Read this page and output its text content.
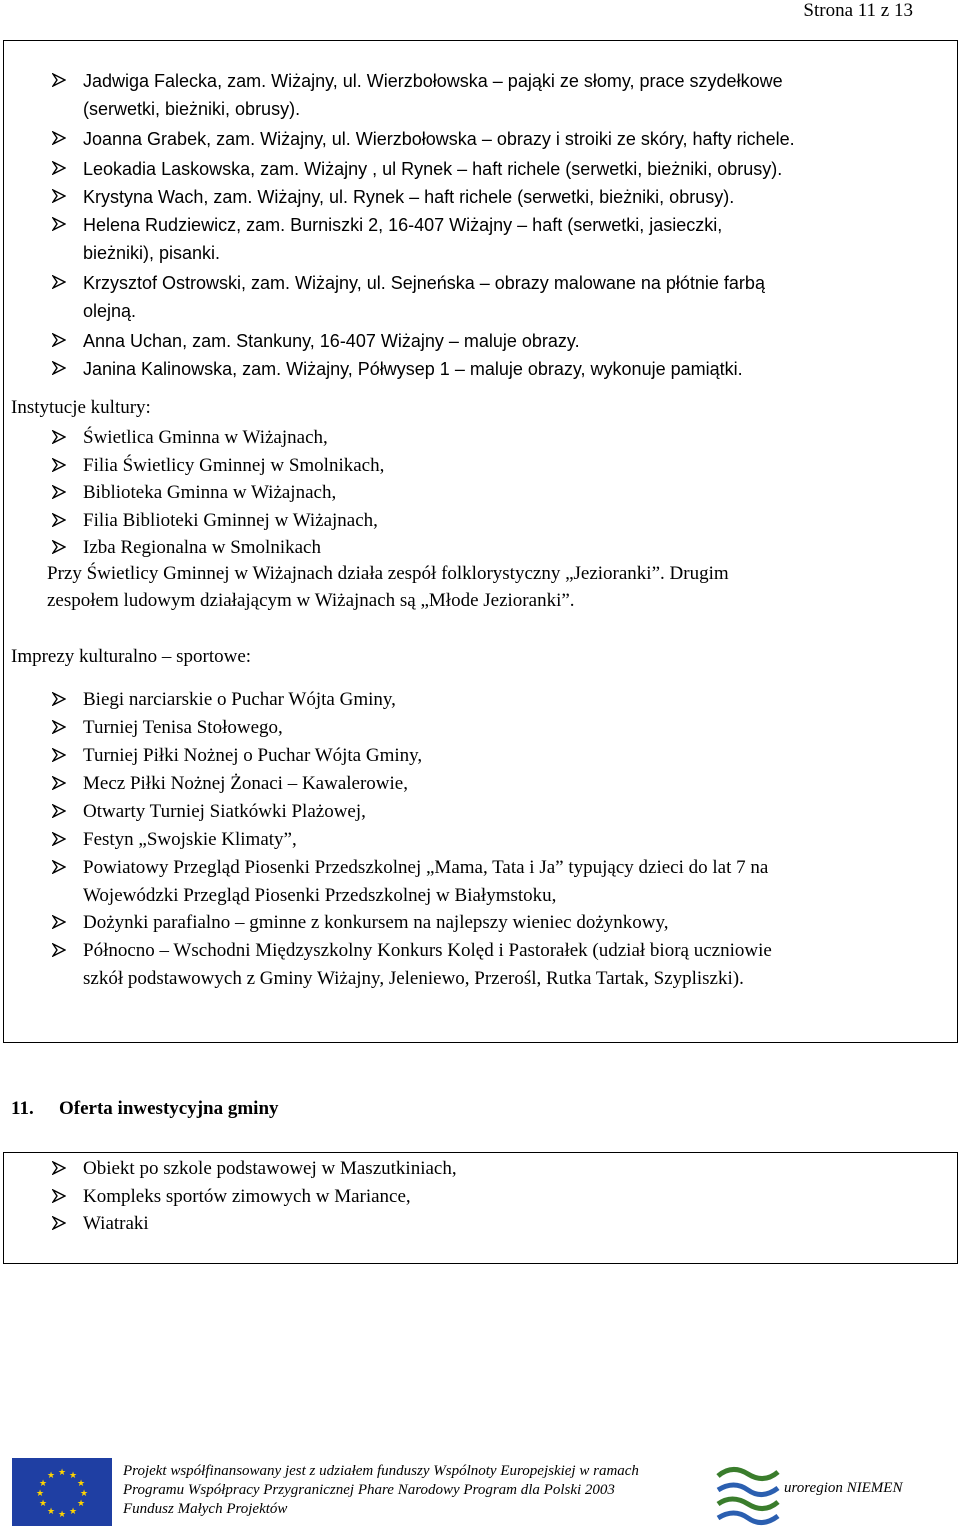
Strona 11 z 13
Jadwiga Falecka, zam. Wiżajny, ul. Wierzbołowska – pająki ze słomy, prace szydełkowe
(serwetki, bieżniki, obrusy).
Joanna Grabek, zam. Wiżajny, ul. Wierzbołowska – obrazy i stroiki ze skóry, hafty richele.
Leokadia Laskowska, zam. Wiżajny , ul Rynek – haft richele (serwetki, bieżniki, obrusy).
Krystyna Wach, zam. Wiżajny, ul. Rynek – haft richele (serwetki, bieżniki, obrusy).
Helena Rudziewicz, zam. Burniszki 2, 16-407 Wiżajny – haft (serwetki, jasieczki,
bieżniki), pisanki.
Krzysztof Ostrowski, zam. Wiżajny, ul. Sejneńska – obrazy malowane na płótnie farbą
olejną.
Anna Uchan, zam. Stankuny, 16-407 Wiżajny – maluje obrazy.
Janina Kalinowska, zam. Wiżajny, Półwysep 1 – maluje obrazy, wykonuje pamiątki.
Instytucje kultury:
Świetlica Gminna w Wiżajnach,
Filia Świetlicy Gminnej w Smolnikach,
Biblioteka Gminna w Wiżajnach,
Filia Biblioteki Gminnej w Wiżajnach,
Izba Regionalna w Smolnikach
Przy Świetlicy Gminnej w Wiżajnach działa zespół folklorystyczny „Jezioranki”. Drugim
zespołem ludowym działającym w Wiżajnach są „Młode Jezioranki”.
Imprezy kulturalno – sportowe:
Biegi narciarskie o Puchar Wójta Gminy,
Turniej Tenisa Stołowego,
Turniej Piłki Nożnej o Puchar Wójta Gminy,
Mecz Piłki Nożnej Żonaci – Kawalerowie,
Otwarty Turniej Siatkówki Plażowej,
Festyn „Swojskie Klimaty”,
Powiatowy Przegląd Piosenki Przedszkolnej „Mama, Tata i Ja” typujący dzieci do lat 7 na
Wojewódzki Przegląd Piosenki Przedszkolnej w Białymstoku,
Dożynki parafialno – gminne z konkursem na najlepszy wieniec dożynkowy,
Północno – Wschodni Międzyszkolny Konkurs Kolęd i Pastorałek (udział biorą uczniowie
szkół podstawowych z Gminy Wiżajny, Jeleniewo, Przerośl, Rutka Tartak, Szypliszki).
11. Oferta inwestycyjna gminy
Obiekt po szkole podstawowej w Maszutkiniach,
Kompleks sportów zimowych w Mariance,
Wiatraki
★ ★
★
★
★
★
★
★
★
★
★
★	Projekt współfinansowany jest z udziałem funduszy Wspólnoty Europejskiej w ramach
Programu Współpracy Przygranicznej Phare Narodowy Program dla Polski 2003
Fundusz Małych Projektów
uroregion NIEMEN
